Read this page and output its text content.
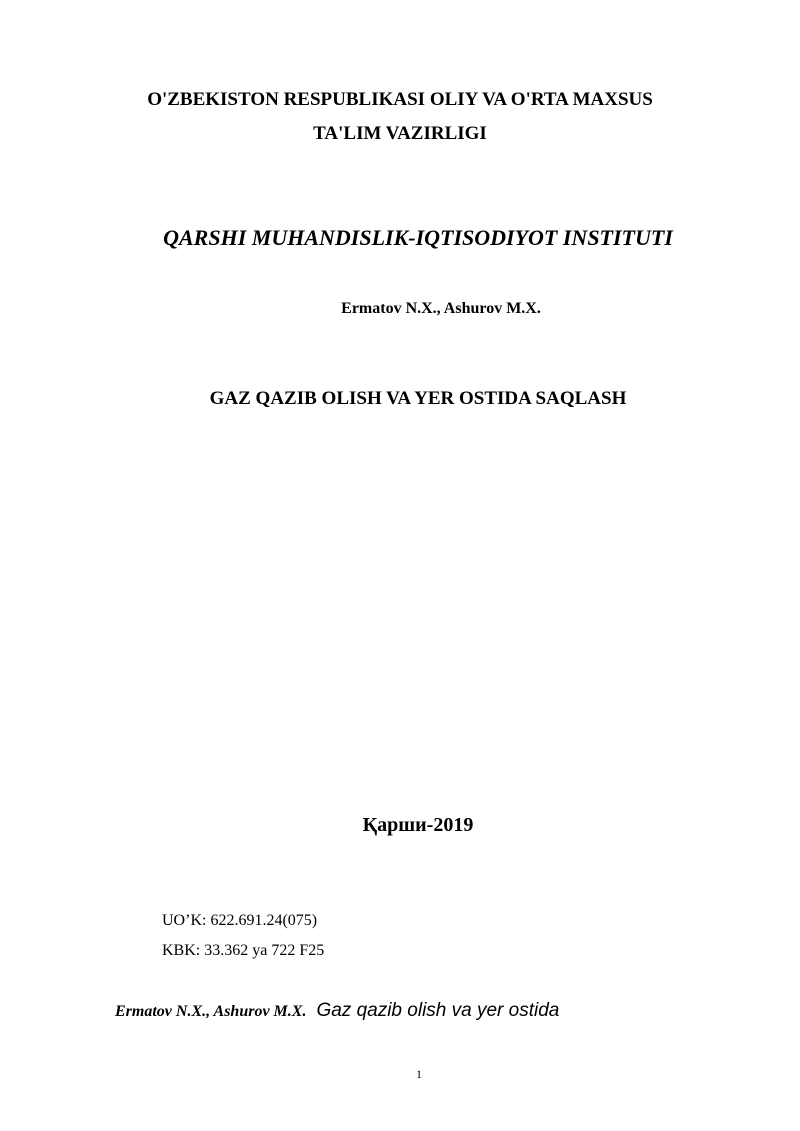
O'ZBEKISTON RESPUBLIKASI OLIY VA O'RTA MAXSUS
TA'LIM VAZIRLIGI
QARSHI MUHANDISLIK-IQTISODIYOT INSTITUTI
Ermatov N.X., Ashurov M.X.
GAZ QAZIB OLISH VA YER OSTIDA SAQLASH
Қарши-2019
UO’K: 622.691.24(075)
KBK: 33.362 ya 722 F25
Ermatov N.X., Ashurov M.X. Gaz qazib olish va yer ostida
1
